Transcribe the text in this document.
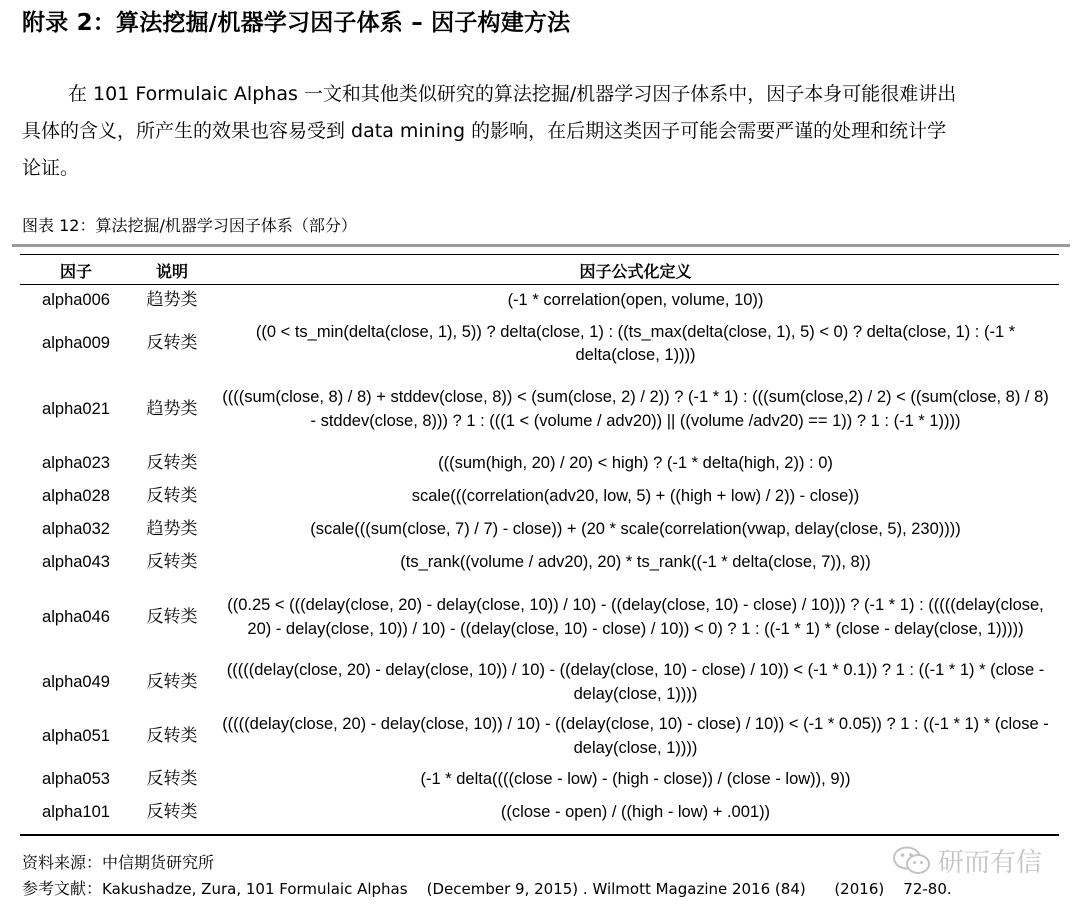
附录 2：算法挖掘/机器学习因子体系 – 因子构建方法
在 101 Formulaic Alphas 一文和其他类似研究的算法挖掘/机器学习因子体系中，因子本身可能很难讲出
具体的含义，所产生的效果也容易受到 data mining 的影响，在后期这类因子可能会需要严谨的处理和统计学
论证。
图表 12：算法挖掘/机器学习因子体系（部分）
因子	说明	因子公式化定义
alpha006	趋势类	(-1 * correlation(open, volume, 10))
alpha009	反转类	((0 < ts_min(delta(close, 1), 5)) ? delta(close, 1) : ((ts_max(delta(close, 1), 5) < 0) ? delta(close, 1) : (-1 * delta(close, 1))))
alpha021	趋势类	((((sum(close, 8) / 8) + stddev(close, 8)) < (sum(close, 2) / 2)) ? (-1 * 1) : (((sum(close,2) / 2) < ((sum(close, 8) / 8) - stddev(close, 8))) ? 1 : (((1 < (volume / adv20)) || ((volume /adv20) == 1)) ? 1 : (-1 * 1))))
alpha023	反转类	(((sum(high, 20) / 20) < high) ? (-1 * delta(high, 2)) : 0)
alpha028	反转类	scale(((correlation(adv20, low, 5) + ((high + low) / 2)) - close))
alpha032	趋势类	(scale(((sum(close, 7) / 7) - close)) + (20 * scale(correlation(vwap, delay(close, 5), 230))))
alpha043	反转类	(ts_rank((volume / adv20), 20) * ts_rank((-1 * delta(close, 7)), 8))
alpha046	反转类	((0.25 < (((delay(close, 20) - delay(close, 10)) / 10) - ((delay(close, 10) - close) / 10))) ? (-1 * 1) : (((((delay(close, 20) - delay(close, 10)) / 10) - ((delay(close, 10) - close) / 10)) < 0) ? 1 : ((-1 * 1) * (close - delay(close, 1)))))
alpha049	反转类	(((((delay(close, 20) - delay(close, 10)) / 10) - ((delay(close, 10) - close) / 10)) < (-1 * 0.1)) ? 1 : ((-1 * 1) * (close - delay(close, 1))))
alpha051	反转类	(((((delay(close, 20) - delay(close, 10)) / 10) - ((delay(close, 10) - close) / 10)) < (-1 * 0.05)) ? 1 : ((-1 * 1) * (close - delay(close, 1))))
alpha053	反转类	(-1 * delta((((close - low) - (high - close)) / (close - low)), 9))
alpha101	反转类	((close - open) / ((high - low) + .001))
资料来源：中信期货研究所
参考文献：Kakushadze, Zura, 101 Formulaic Alphas    (December 9, 2015) . Wilmott Magazine 2016 (84)      (2016)    72-80.
研而有信
